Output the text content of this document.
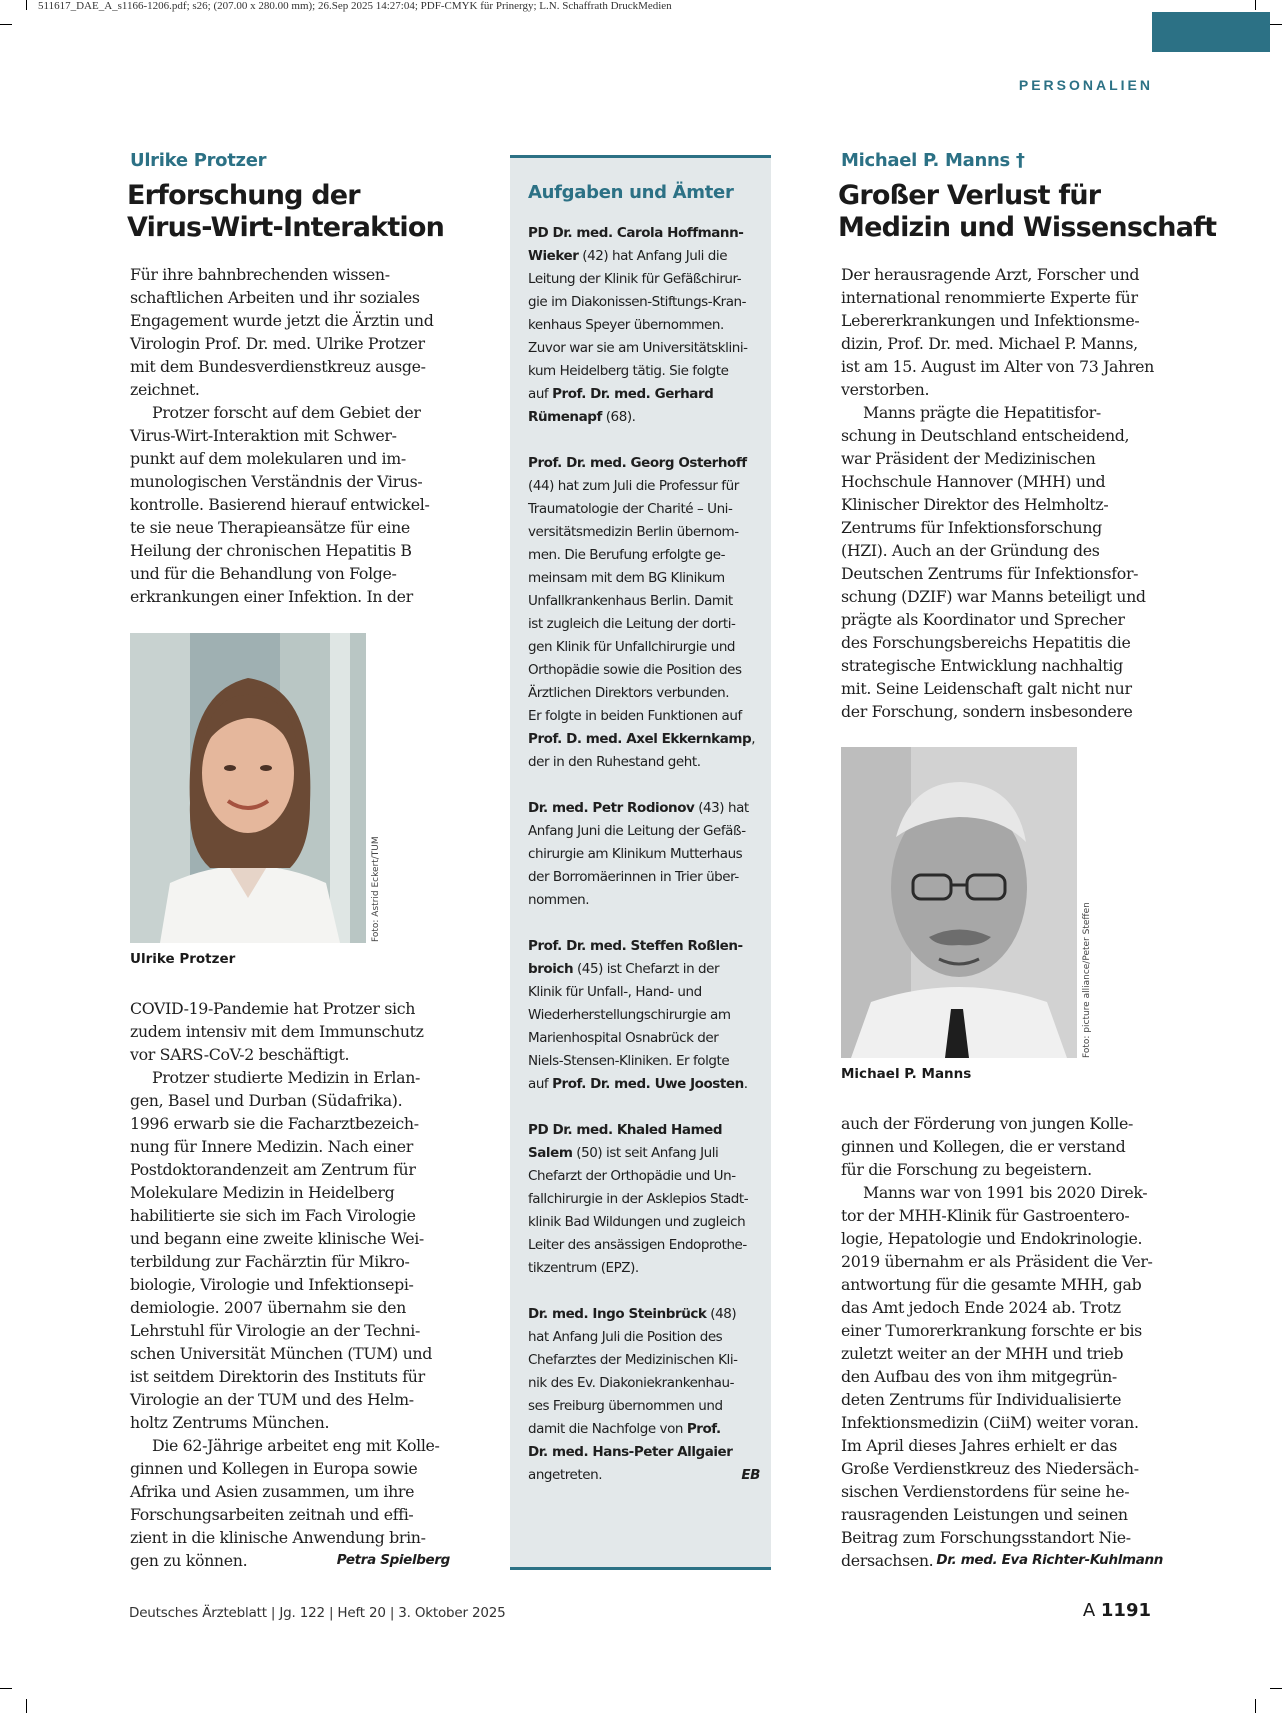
511617_DAE_A_s1166-1206.pdf; s26; (207.00 x 280.00 mm); 26.Sep 2025 14:27:04; PDF-CMYK für Prinergy; L.N. Schaffrath DruckMedien
PERSONALIEN
Ulrike Protzer
Erforschung der
Virus-Wirt-Interaktion
Für ihre bahnbrechenden wissen-
schaftlichen Arbeiten und ihr soziales
Engagement wurde jetzt die Ärztin und
Virologin Prof. Dr. med. Ulrike Protzer
mit dem Bundesverdienstkreuz ausge-
zeichnet.
Protzer forscht auf dem Gebiet der
Virus-Wirt-Interaktion mit Schwer-
punkt auf dem molekularen und im-
munologischen Verständnis der Virus-
kontrolle. Basierend hierauf entwickel-
te sie neue Therapieansätze für eine
Heilung der chronischen Hepatitis B
und für die Behandlung von Folge-
erkrankungen einer Infektion. In der
Foto: Astrid Eckert/TUM
Ulrike Protzer
COVID-19-Pandemie hat Protzer sich
zudem intensiv mit dem Immunschutz
vor SARS-CoV-2 beschäftigt.
Protzer studierte Medizin in Erlan-
gen, Basel und Durban (Südafrika).
1996 erwarb sie die Facharztbezeich-
nung für Innere Medizin. Nach einer
Postdoktorandenzeit am Zentrum für
Molekulare Medizin in Heidelberg
habilitierte sie sich im Fach Virologie
und begann eine zweite klinische Wei-
terbildung zur Fachärztin für Mikro-
biologie, Virologie und Infektionsepi-
demiologie. 2007 übernahm sie den
Lehrstuhl für Virologie an der Techni-
schen Universität München (TUM) und
ist seitdem Direktorin des Instituts für
Virologie an der TUM und des Helm-
holtz Zentrums München.
Die 62-Jährige arbeitet eng mit Kolle-
ginnen und Kollegen in Europa sowie
Afrika und Asien zusammen, um ihre
Forschungsarbeiten zeitnah und effi-
zient in die klinische Anwendung brin-
gen zu können.	Petra Spielberg
Aufgaben und Ämter
PD Dr. med. Carola Hoffmann-
Wieker (42) hat Anfang Juli die
Leitung der Klinik für Gefäßchirur-
gie im Diakonissen-Stiftungs-Kran-
kenhaus Speyer übernommen.
Zuvor war sie am Universitätsklini-
kum Heidelberg tätig. Sie folgte
auf Prof. Dr. med. Gerhard
Rümenapf (68).
Prof. Dr. med. Georg Osterhoff
(44) hat zum Juli die Professur für
Traumatologie der Charité – Uni-
versitätsmedizin Berlin übernom-
men. Die Berufung erfolgte ge-
meinsam mit dem BG Klinikum
Unfallkrankenhaus Berlin. Damit
ist zugleich die Leitung der dorti-
gen Klinik für Unfallchirurgie und
Orthopädie sowie die Position des
Ärztlichen Direktors verbunden.
Er folgte in beiden Funktionen auf
Prof. D. med. Axel Ekkernkamp,
der in den Ruhestand geht.
Dr. med. Petr Rodionov (43) hat
Anfang Juni die Leitung der Gefäß-
chirurgie am Klinikum Mutterhaus
der Borromäerinnen in Trier über-
nommen.
Prof. Dr. med. Steffen Roßlen-
broich (45) ist Chefarzt in der
Klinik für Unfall-, Hand- und
Wiederherstellungschirurgie am
Marienhospital Osnabrück der
Niels-Stensen-Kliniken. Er folgte
auf Prof. Dr. med. Uwe Joosten.
PD Dr. med. Khaled Hamed
Salem (50) ist seit Anfang Juli
Chefarzt der Orthopädie und Un-
fallchirurgie in der Asklepios Stadt-
klinik Bad Wildungen und zugleich
Leiter des ansässigen Endoprothe-
tikzentrum (EPZ).
Dr. med. Ingo Steinbrück (48)
hat Anfang Juli die Position des
Chefarztes der Medizinischen Kli-
nik des Ev. Diakoniekrankenhau-
ses Freiburg übernommen und
damit die Nachfolge von Prof.
Dr. med. Hans-Peter Allgaier
angetreten.	EB
Michael P. Manns †
Großer Verlust für
Medizin und Wissenschaft
Der herausragende Arzt, Forscher und
international renommierte Experte für
Lebererkrankungen und Infektionsme-
dizin, Prof. Dr. med. Michael P. Manns,
ist am 15. August im Alter von 73 Jahren
verstorben.
Manns prägte die Hepatitisfor-
schung in Deutschland entscheidend,
war Präsident der Medizinischen
Hochschule Hannover (MHH) und
Klinischer Direktor des Helmholtz-
Zentrums für Infektionsforschung
(HZI). Auch an der Gründung des
Deutschen Zentrums für Infektionsfor-
schung (DZIF) war Manns beteiligt und
prägte als Koordinator und Sprecher
des Forschungsbereichs Hepatitis die
strategische Entwicklung nachhaltig
mit. Seine Leidenschaft galt nicht nur
der Forschung, sondern insbesondere
Foto: picture alliance/Peter Steffen
Michael P. Manns
auch der Förderung von jungen Kolle-
ginnen und Kollegen, die er verstand
für die Forschung zu begeistern.
Manns war von 1991 bis 2020 Direk-
tor der MHH-Klinik für Gastroentero-
logie, Hepatologie und Endokrinologie.
2019 übernahm er als Präsident die Ver-
antwortung für die gesamte MHH, gab
das Amt jedoch Ende 2024 ab. Trotz
einer Tumorerkrankung forschte er bis
zuletzt weiter an der MHH und trieb
den Aufbau des von ihm mitgegrün-
deten Zentrums für Individualisierte
Infektionsmedizin (CiiM) weiter voran.
Im April dieses Jahres erhielt er das
Große Verdienstkreuz des Niedersäch-
sischen Verdienstordens für seine he-
rausragenden Leistungen und seinen
Beitrag zum Forschungsstandort Nie-
dersachsen. Dr. med. Eva Richter-Kuhlmann
Deutsches Ärzteblatt | Jg. 122 | Heft 20 | 3. Oktober 2025	A 1191
